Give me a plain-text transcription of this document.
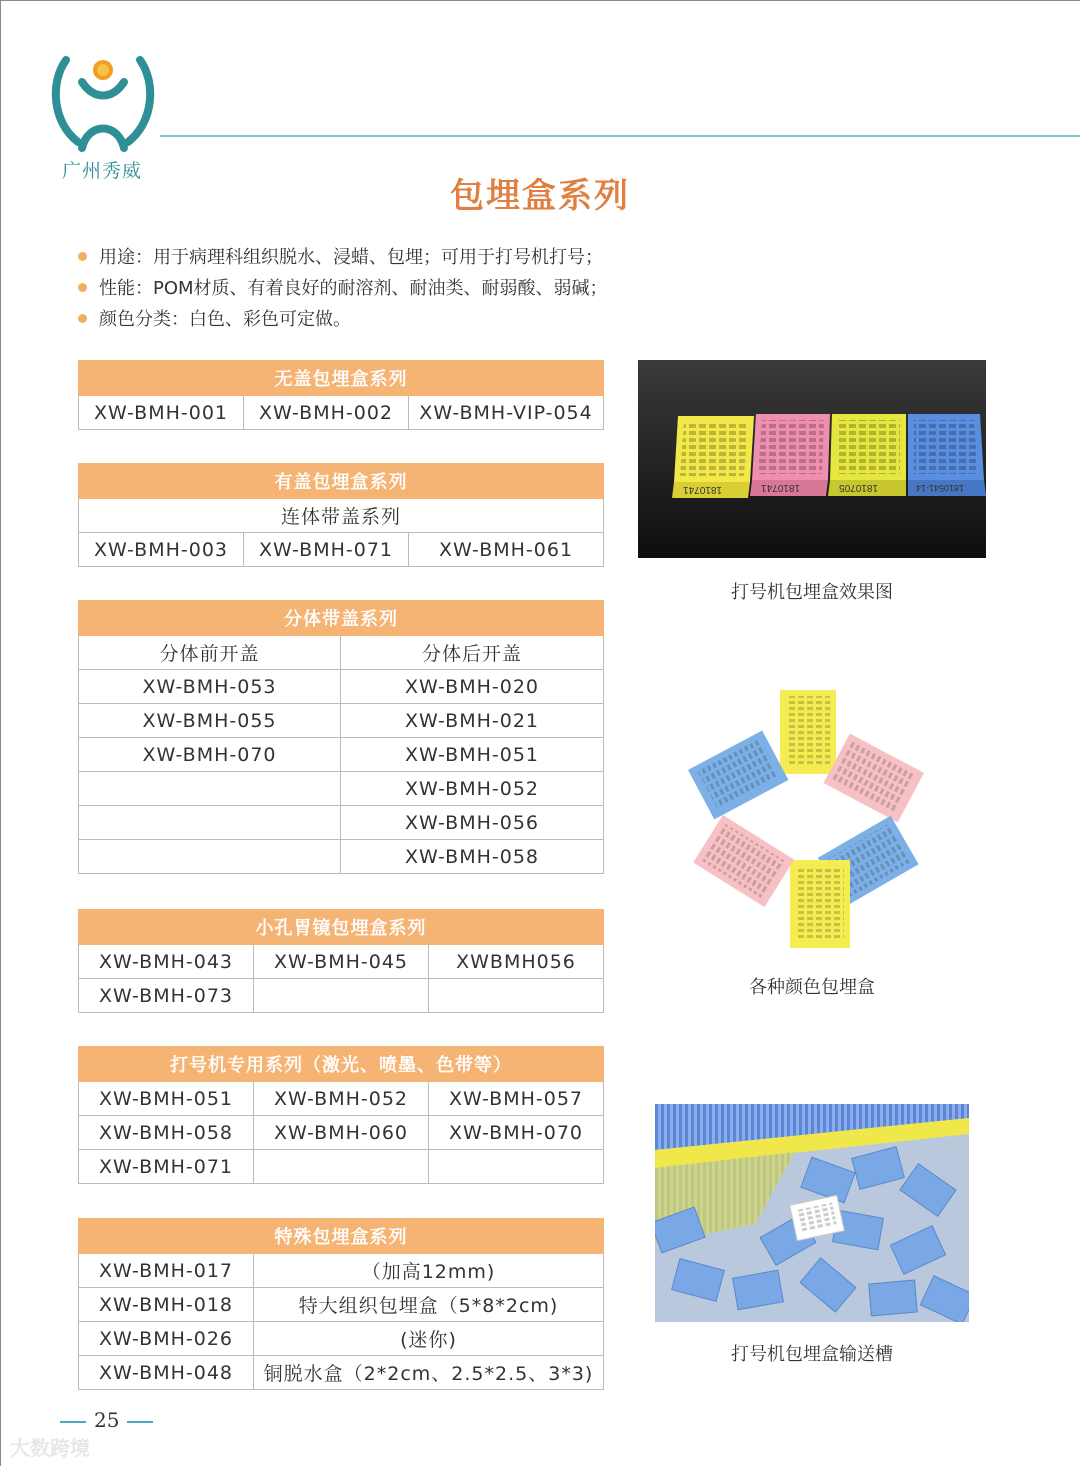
广州秀威
包埋盒系列
用途：用于病理科组织脱水、浸蜡、包埋；可用于打号机打号；
性能：POM材质、有着良好的耐溶剂、耐油类、耐弱酸、弱碱；
颜色分类：白色、彩色可定做。
无盖包埋盒系列
XW-BMH-001	XW-BMH-002	XW-BMH-VIP-054
有盖包埋盒系列
连体带盖系列
XW-BMH-003	XW-BMH-071	XW-BMH-061
分体带盖系列	
分体前开盖	分体后开盖
XW-BMH-053	XW-BMH-020
XW-BMH-055	XW-BMH-021
XW-BMH-070	XW-BMH-051
	XW-BMH-052
	XW-BMH-056
	XW-BMH-058
小孔胃镜包埋盒系列		
XW-BMH-043	XW-BMH-045	XWBMH056
XW-BMH-073		
打号机专用系列（激光、喷墨、色带等）		
XW-BMH-051	XW-BMH-052	XW-BMH-057
XW-BMH-058	XW-BMH-060	XW-BMH-070
XW-BMH-071		
特殊包埋盒系列	
XW-BMH-017	（加高12mm)
XW-BMH-018	特大组织包埋盒（5*8*2cm)
XW-BMH-026	(迷你)
XW-BMH-048	铜脱水盒（2*2cm、2.5*2.5、3*3)
1810741	1810741	1810705	1810541-14
打号机包埋盒效果图
各种颜色包埋盒
打号机包埋盒输送槽
25
大数跨境
